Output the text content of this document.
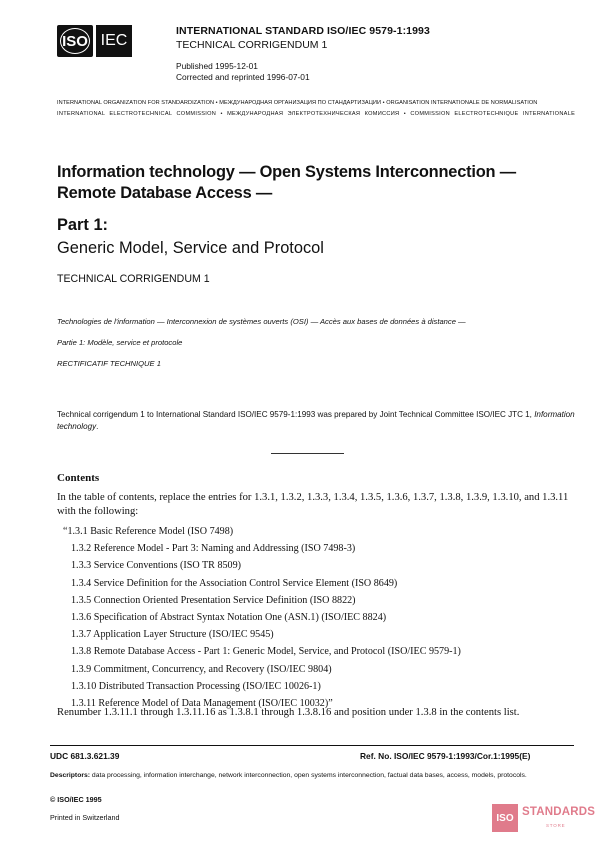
ISO IEC
INTERNATIONAL STANDARD ISO/IEC 9579-1:1993
TECHNICAL CORRIGENDUM 1
Published 1995-12-01
Corrected and reprinted 1996-07-01
INTERNATIONAL ORGANIZATION FOR STANDARDIZATION • МЕЖДУНАРОДНАЯ ОРГАНИЗАЦИЯ ПО СТАНДАРТИЗАЦИИ • ORGANISATION INTERNATIONALE DE NORMALISATION
INTERNATIONAL ELECTROTECHNICAL COMMISSION • МЕЖДУНАРОДНАЯ ЭЛЕКТРОТЕХНИЧЕСКАЯ КОМИССИЯ • COMMISSION ELECTROTECHNIQUE INTERNATIONALE
Information technology — Open Systems Interconnection — Remote Database Access —
Part 1:
Generic Model, Service and Protocol
TECHNICAL CORRIGENDUM 1
Technologies de l'information — Interconnexion de systèmes ouverts (OSI) — Accès aux bases de données à distance —
Partie 1: Modèle, service et protocole
RECTIFICATIF TECHNIQUE 1
Technical corrigendum 1 to International Standard ISO/IEC 9579-1:1993 was prepared by Joint Technical Committee ISO/IEC JTC 1, Information technology.
Contents
In the table of contents, replace the entries for 1.3.1, 1.3.2, 1.3.3, 1.3.4, 1.3.5, 1.3.6, 1.3.7, 1.3.8, 1.3.9, 1.3.10, and 1.3.11 with the following:
“1.3.1 Basic Reference Model (ISO 7498)
1.3.2 Reference Model - Part 3: Naming and Addressing (ISO 7498-3)
1.3.3 Service Conventions (ISO TR 8509)
1.3.4 Service Definition for the Association Control Service Element (ISO 8649)
1.3.5 Connection Oriented Presentation Service Definition (ISO 8822)
1.3.6 Specification of Abstract Syntax Notation One (ASN.1) (ISO/IEC 8824)
1.3.7 Application Layer Structure (ISO/IEC 9545)
1.3.8 Remote Database Access - Part 1: Generic Model, Service, and Protocol (ISO/IEC 9579-1)
1.3.9 Commitment, Concurrency, and Recovery (ISO/IEC 9804)
1.3.10 Distributed Transaction Processing (ISO/IEC 10026-1)
1.3.11 Reference Model of Data Management (ISO/IEC 10032)”
Renumber 1.3.11.1 through 1.3.11.16 as 1.3.8.1 through 1.3.8.16 and position under 1.3.8 in the contents list.
UDC 681.3.621.39	Ref. No. ISO/IEC 9579-1:1993/Cor.1:1995(E)
Descriptors: data processing, information interchange, network interconnection, open systems interconnection, factual data bases, access, models, protocols.
© ISO/IEC 1995
Printed in Switzerland	ISO STANDARDS
STORE
